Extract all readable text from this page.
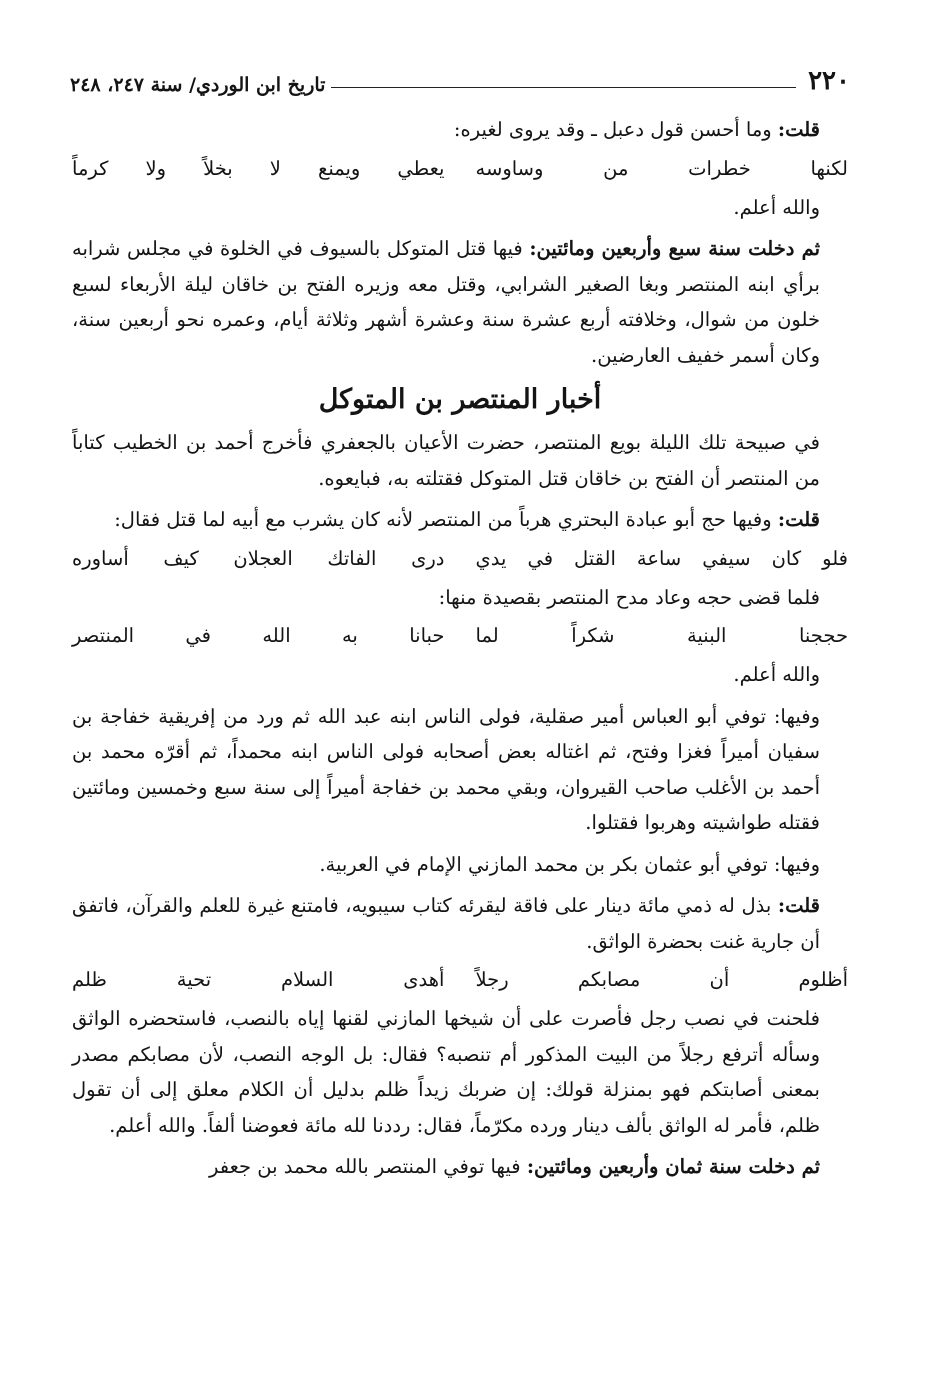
٢٢٠
تاريخ ابن الوردي/ سنة ٢٤٧، ٢٤٨

قلت: وما أحسن قول دعبل ـ وقد يروى لغيره:

لكنها خطرات من وساوسه
يعطي ويمنع لا بخلاً ولا كرماً

والله أعلم.

ثم دخلت سنة سبع وأربعين ومائتين: فيها قتل المتوكل بالسيوف في الخلوة في مجلس شرابه برأي ابنه المنتصر وبغا الصغير الشرابي، وقتل معه وزيره الفتح بن خاقان ليلة الأربعاء لسبع خلون من شوال، وخلافته أربع عشرة سنة وعشرة أشهر وثلاثة أيام، وعمره نحو أربعين سنة، وكان أسمر خفيف العارضين.

أخبار المنتصر بن المتوكل

في صبيحة تلك الليلة بويع المنتصر، حضرت الأعيان بالجعفري فأخرج أحمد بن الخطيب كتاباً من المنتصر أن الفتح بن خاقان قتل المتوكل فقتلته به، فبايعوه.

قلت: وفيها حج أبو عبادة البحتري هرباً من المنتصر لأنه كان يشرب مع أبيه لما قتل فقال:

فلو كان سيفي ساعة القتل في يدي
درى الفاتك العجلان كيف أساوره

فلما قضى حجه وعاد مدح المنتصر بقصيدة منها:

حججنا البنية شكراً لما
حبانا به الله في المنتصر

والله أعلم.

وفيها: توفي أبو العباس أمير صقلية، فولى الناس ابنه عبد الله ثم ورد من إفريقية خفاجة بن سفيان أميراً فغزا وفتح، ثم اغتاله بعض أصحابه فولى الناس ابنه محمداً، ثم أقرّه محمد بن أحمد بن الأغلب صاحب القيروان، وبقي محمد بن خفاجة أميراً إلى سنة سبع وخمسين ومائتين فقتله طواشيته وهربوا فقتلوا.

وفيها: توفي أبو عثمان بكر بن محمد المازني الإمام في العربية.

قلت: بذل له ذمي مائة دينار على فاقة ليقرئه كتاب سيبويه، فامتنع غيرة للعلم والقرآن، فاتفق أن جارية غنت بحضرة الواثق.

أظلوم أن مصابكم رجلاً
أهدى السلام تحية ظلم

فلحنت في نصب رجل فأصرت على أن شيخها المازني لقنها إياه بالنصب، فاستحضره الواثق وسأله أترفع رجلاً من البيت المذكور أم تنصبه؟ فقال: بل الوجه النصب، لأن مصابكم مصدر بمعنى أصابتكم فهو بمنزلة قولك: إن ضربك زيداً ظلم بدليل أن الكلام معلق إلى أن تقول ظلم، فأمر له الواثق بألف دينار ورده مكرّماً، فقال: رددنا لله مائة فعوضنا ألفاً. والله أعلم.

ثم دخلت سنة ثمان وأربعين ومائتين: فيها توفي المنتصر بالله محمد بن جعفر
